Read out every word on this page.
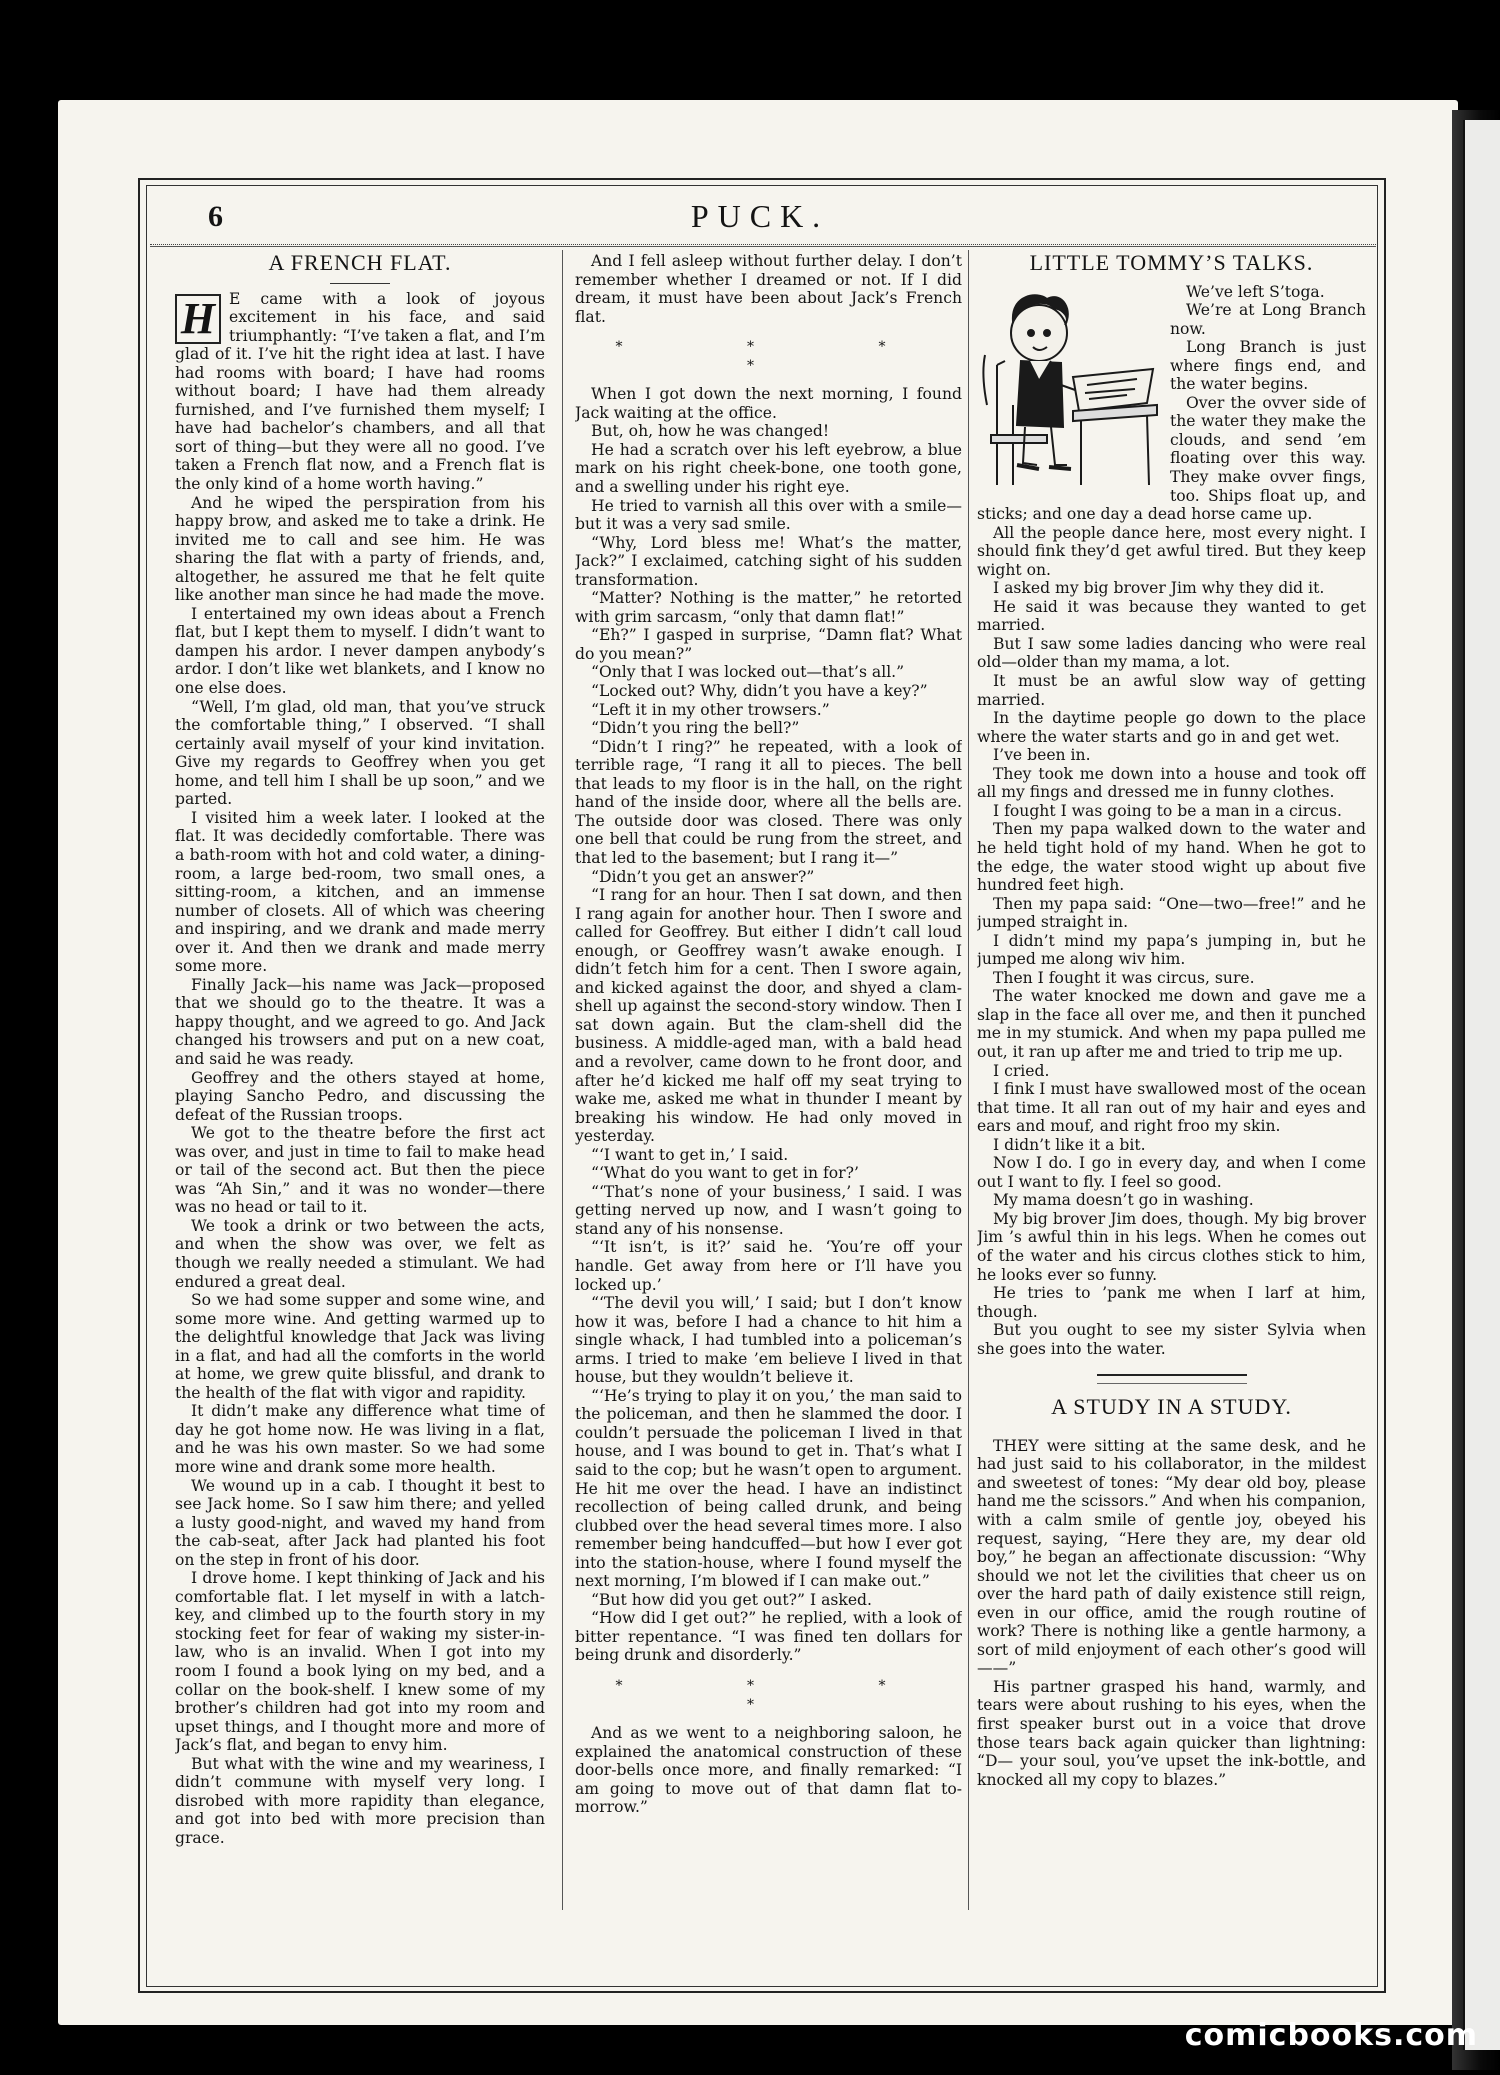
6	PUCK.
A FRENCH FLAT.
H E came with a look of joyous excitement in his face, and said triumphantly: “I’ve taken a flat, and I’m glad of it. I’ve hit the right idea at last. I have had rooms with board; I have had rooms without board; I have had them already furnished, and I’ve furnished them myself; I have had bachelor’s chambers, and all that sort of thing—but they were all no good. I’ve taken a French flat now, and a French flat is the only kind of a home worth having.”

And he wiped the perspiration from his happy brow, and asked me to take a drink. He invited me to call and see him. He was sharing the flat with a party of friends, and, altogether, he assured me that he felt quite like another man since he had made the move.

I entertained my own ideas about a French flat, but I kept them to myself. I didn’t want to dampen his ardor. I never dampen anybody’s ardor. I don’t like wet blankets, and I know no one else does.

“Well, I’m glad, old man, that you’ve struck the comfortable thing,” I observed. “I shall certainly avail myself of your kind invitation. Give my regards to Geoffrey when you get home, and tell him I shall be up soon,” and we parted.

I visited him a week later. I looked at the flat. It was decidedly comfortable. There was a bath-room with hot and cold water, a dining-room, a large bed-room, two small ones, a sitting-room, a kitchen, and an immense number of closets. All of which was cheering and inspiring, and we drank and made merry over it. And then we drank and made merry some more.

Finally Jack—his name was Jack—proposed that we should go to the theatre. It was a happy thought, and we agreed to go. And Jack changed his trowsers and put on a new coat, and said he was ready.

Geoffrey and the others stayed at home, playing Sancho Pedro, and discussing the defeat of the Russian troops.

We got to the theatre before the first act was over, and just in time to fail to make head or tail of the second act. But then the piece was “Ah Sin,” and it was no wonder—there was no head or tail to it.

We took a drink or two between the acts, and when the show was over, we felt as though we really needed a stimulant. We had endured a great deal.

So we had some supper and some wine, and some more wine. And getting warmed up to the delightful knowledge that Jack was living in a flat, and had all the comforts in the world at home, we grew quite blissful, and drank to the health of the flat with vigor and rapidity.

It didn’t make any difference what time of day he got home now. He was living in a flat, and he was his own master. So we had some more wine and drank some more health.

We wound up in a cab. I thought it best to see Jack home. So I saw him there; and yelled a lusty good-night, and waved my hand from the cab-seat, after Jack had planted his foot on the step in front of his door.

I drove home. I kept thinking of Jack and his comfortable flat. I let myself in with a latch-key, and climbed up to the fourth story in my stocking feet for fear of waking my sister-in-law, who is an invalid. When I got into my room I found a book lying on my bed, and a collar on the book-shelf. I knew some of my brother’s children had got into my room and upset things, and I thought more and more of Jack’s flat, and began to envy him.

But what with the wine and my weariness, I didn’t commune with myself very long. I disrobed with more rapidity than elegance, and got into bed with more precision than grace.

And I fell asleep without further delay. I don’t remember whether I dreamed or not. If I did dream, it must have been about Jack’s French flat.

* * * *

When I got down the next morning, I found Jack waiting at the office.

But, oh, how he was changed!

He had a scratch over his left eyebrow, a blue mark on his right cheek-bone, one tooth gone, and a swelling under his right eye.

He tried to varnish all this over with a smile—but it was a very sad smile.

“Why, Lord bless me! What’s the matter, Jack?” I exclaimed, catching sight of his sudden transformation.

“Matter? Nothing is the matter,” he retorted with grim sarcasm, “only that damn flat!”

“Eh?” I gasped in surprise, “Damn flat? What do you mean?”

“Only that I was locked out—that’s all.”

“Locked out? Why, didn’t you have a key?”

“Left it in my other trowsers.”

“Didn’t you ring the bell?”

“Didn’t I ring?” he repeated, with a look of terrible rage, “I rang it all to pieces. The bell that leads to my floor is in the hall, on the right hand of the inside door, where all the bells are. The outside door was closed. There was only one bell that could be rung from the street, and that led to the basement; but I rang it—”

“Didn’t you get an answer?”

“I rang for an hour. Then I sat down, and then I rang again for another hour. Then I swore and called for Geoffrey. But either I didn’t call loud enough, or Geoffrey wasn’t awake enough. I didn’t fetch him for a cent. Then I swore again, and kicked against the door, and shyed a clam-shell up against the second-story window. Then I sat down again. But the clam-shell did the business. A middle-aged man, with a bald head and a revolver, came down to he front door, and after he’d kicked me half off my seat trying to wake me, asked me what in thunder I meant by breaking his window. He had only moved in yesterday.

“‘I want to get in,’ I said.

“‘What do you want to get in for?’

“‘That’s none of your business,’ I said. I was getting nerved up now, and I wasn’t going to stand any of his nonsense.

“‘It isn’t, is it?’ said he. ‘You’re off your handle. Get away from here or I’ll have you locked up.’

“‘The devil you will,’ I said; but I don’t know how it was, before I had a chance to hit him a single whack, I had tumbled into a policeman’s arms. I tried to make ’em believe I lived in that house, but they wouldn’t believe it.

“‘He’s trying to play it on you,’ the man said to the policeman, and then he slammed the door. I couldn’t persuade the policeman I lived in that house, and I was bound to get in. That’s what I said to the cop; but he wasn’t open to argument. He hit me over the head. I have an indistinct recollection of being called drunk, and being clubbed over the head several times more. I also remember being handcuffed—but how I ever got into the station-house, where I found myself the next morning, I’m blowed if I can make out.”

“But how did you get out?” I asked.

“How did I get out?” he replied, with a look of bitter repentance. “I was fined ten dollars for being drunk and disorderly.”

* * * *

And as we went to a neighboring saloon, he explained the anatomical construction of these door-bells once more, and finally remarked: “I am going to move out of that damn flat to-morrow.”

LITTLE TOMMY’S TALKS.

We’ve left S’toga.

We’re at Long Branch now.

Long Branch is just where fings end, and the water begins.

Over the ovver side of the water they make the clouds, and send ’em floating over this way. They make ovver fings, too. Ships float up, and sticks; and one day a dead horse came up.

All the people dance here, most every night. I should fink they’d get awful tired. But they keep wight on.

I asked my big brover Jim why they did it.

He said it was because they wanted to get married.

But I saw some ladies dancing who were real old—older than my mama, a lot.

It must be an awful slow way of getting married.

In the daytime people go down to the place where the water starts and go in and get wet.

I’ve been in.

They took me down into a house and took off all my fings and dressed me in funny clothes.

I fought I was going to be a man in a circus.

Then my papa walked down to the water and he held tight hold of my hand. When he got to the edge, the water stood wight up about five hundred feet high.

Then my papa said: “One—two—free!” and he jumped straight in.

I didn’t mind my papa’s jumping in, but he jumped me along wiv him.

Then I fought it was circus, sure.

The water knocked me down and gave me a slap in the face all over me, and then it punched me in my stumick. And when my papa pulled me out, it ran up after me and tried to trip me up.

I cried.

I fink I must have swallowed most of the ocean that time. It all ran out of my hair and eyes and ears and mouf, and right froo my skin.

I didn’t like it a bit.

Now I do. I go in every day, and when I come out I want to fly. I feel so good.

My mama doesn’t go in washing.

My big brover Jim does, though. My big brover Jim ’s awful thin in his legs. When he comes out of the water and his circus clothes stick to him, he looks ever so funny.

He tries to ’pank me when I larf at him, though.

But you ought to see my sister Sylvia when she goes into the water.

A STUDY IN A STUDY.

THEY were sitting at the same desk, and he had just said to his collaborator, in the mildest and sweetest of tones: “My dear old boy, please hand me the scissors.” And when his companion, with a calm smile of gentle joy, obeyed his request, saying, “Here they are, my dear old boy,” he began an affectionate discussion: “Why should we not let the civilities that cheer us on over the hard path of daily existence still reign, even in our office, amid the rough routine of work? There is nothing like a gentle harmony, a sort of mild enjoyment of each other’s good will ——”

His partner grasped his hand, warmly, and tears were about rushing to his eyes, when the first speaker burst out in a voice that drove those tears back again quicker than lightning: “D— your soul, you’ve upset the ink-bottle, and knocked all my copy to blazes.”

comicbooks.com
